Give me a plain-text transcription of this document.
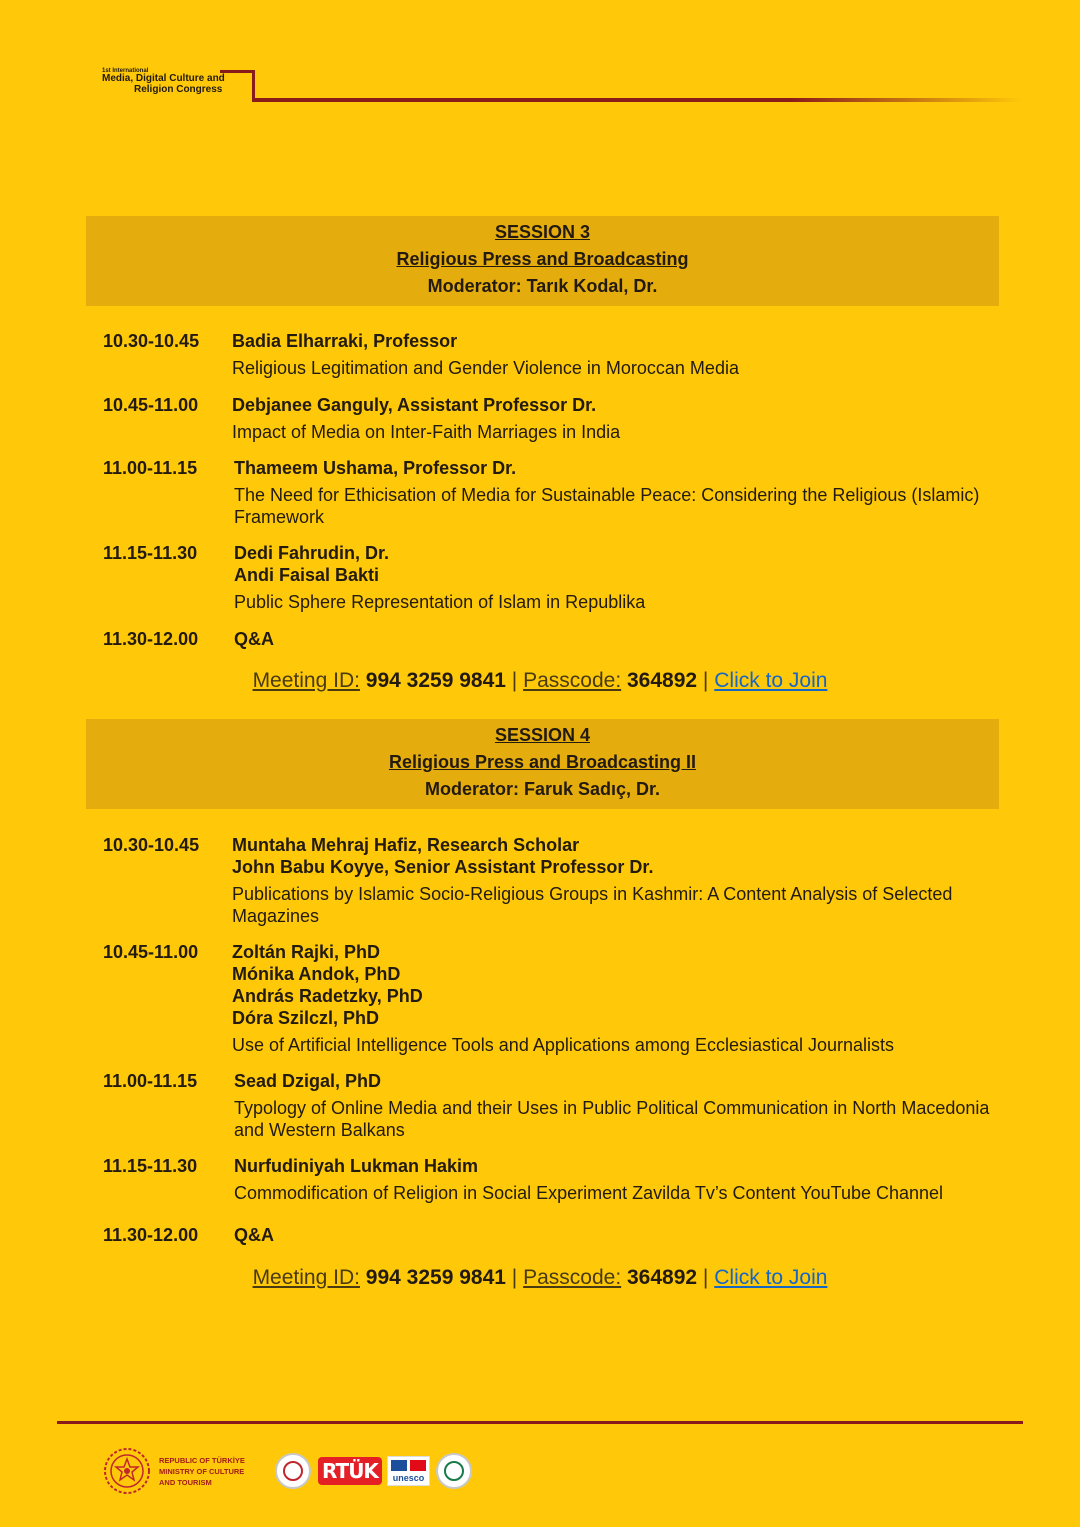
1st International
Media, Digital Culture and
Religion Congress
SESSION 3
Religious Press and Broadcasting
Moderator: Tarık Kodal, Dr.
10.30-10.45	Badia Elharraki, Professor
Religious Legitimation and Gender Violence in Moroccan Media
10.45-11.00	Debjanee Ganguly, Assistant Professor Dr.
Impact of Media on Inter-Faith Marriages in India
11.00-11.15	Thameem Ushama, Professor Dr.
The Need for Ethicisation of Media for Sustainable Peace: Considering the Religious (Islamic) Framework
11.15-11.30	Dedi Fahrudin, Dr.
Andi Faisal Bakti
Public Sphere Representation of Islam in Republika
11.30-12.00	Q&A
Meeting ID: 994 3259 9841 | Passcode: 364892 | Click to Join
SESSION 4
Religious Press and Broadcasting II
Moderator: Faruk Sadıç, Dr.
10.30-10.45	Muntaha Mehraj Hafiz, Research Scholar
John Babu Koyye, Senior Assistant Professor Dr.
Publications by Islamic Socio-Religious Groups in Kashmir: A Content Analysis of Selected Magazines
10.45-11.00	Zoltán Rajki, PhD
Mónika Andok, PhD
András Radetzky, PhD
Dóra Szilczl, PhD
Use of Artificial Intelligence Tools and Applications among Ecclesiastical Journalists
11.00-11.15	Sead Dzigal, PhD
Typology of Online Media and their Uses in Public Political Communication in North Macedonia and Western Balkans
11.15-11.30	Nurfudiniyah Lukman Hakim
Commodification of Religion in Social Experiment Zavilda Tv’s Content YouTube Channel
11.30-12.00	Q&A
Meeting ID: 994 3259 9841 | Passcode: 364892 | Click to Join
REPUBLIC OF TÜRKİYE
MINISTRY OF CULTURE
AND TOURISM	RTÜK	unesco
